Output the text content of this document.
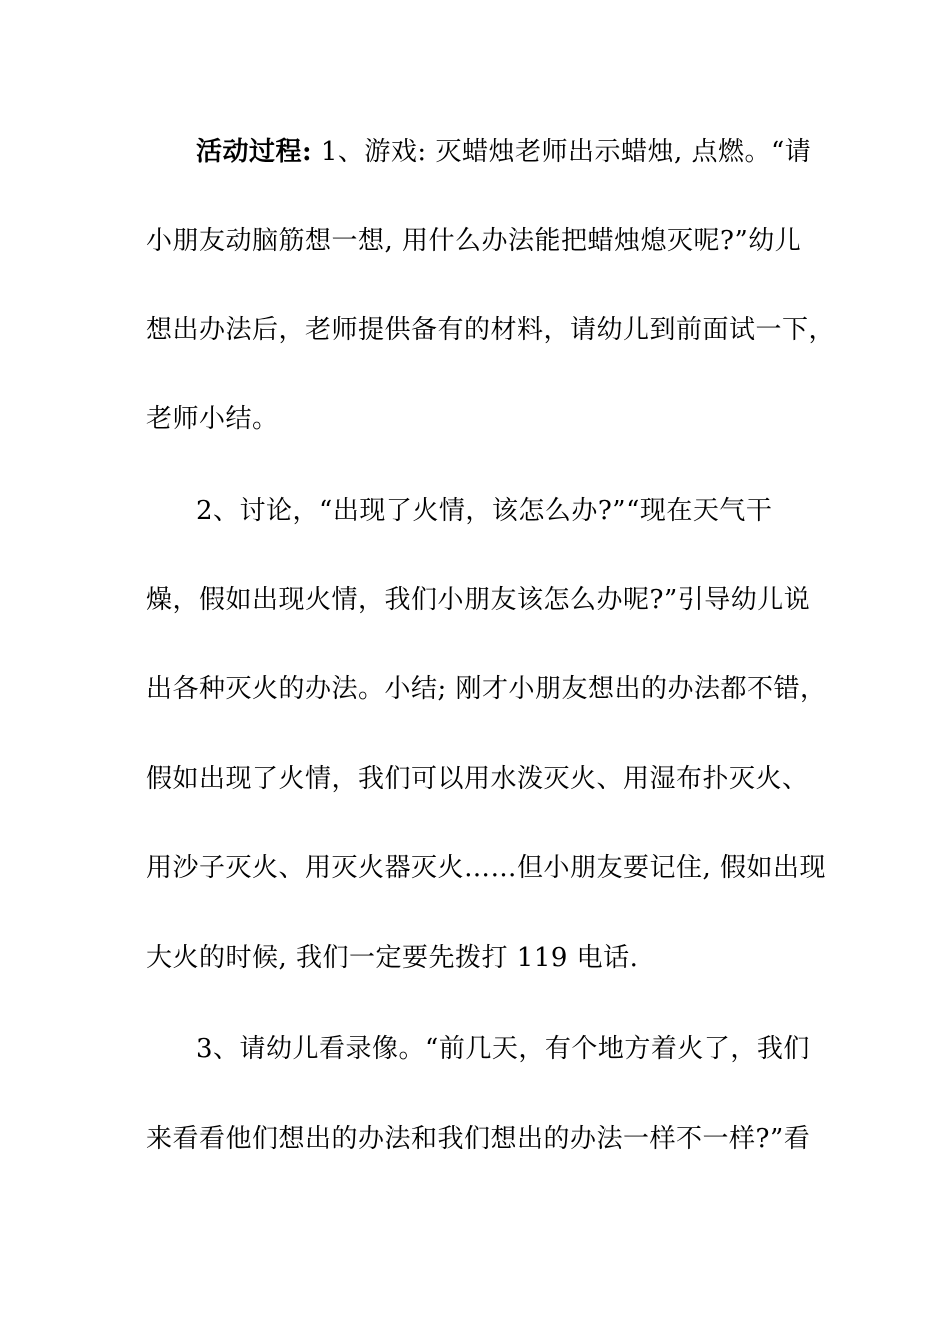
活动过程: 1、游戏: 灭蜡烛老师出示蜡烛, 点燃。“请
小朋友动脑筋想一想, 用什么办法能把蜡烛熄灭呢?”幼儿
想出办法后，老师提供备有的材料，请幼儿到前面试一下，
老师小结。
2、讨论，“出现了火情，该怎么办?”“现在天气干
燥，假如出现火情，我们小朋友该怎么办呢?”引导幼儿说
出各种灭火的办法。小结; 刚才小朋友想出的办法都不错，
假如出现了火情，我们可以用水泼灭火、用湿布扑灭火、
用沙子灭火、用灭火器灭火……但小朋友要记住, 假如出现
大火的时候, 我们一定要先拨打 119 电话.
3、请幼儿看录像。“前几天，有个地方着火了，我们
来看看他们想出的办法和我们想出的办法一样不一样?”看
